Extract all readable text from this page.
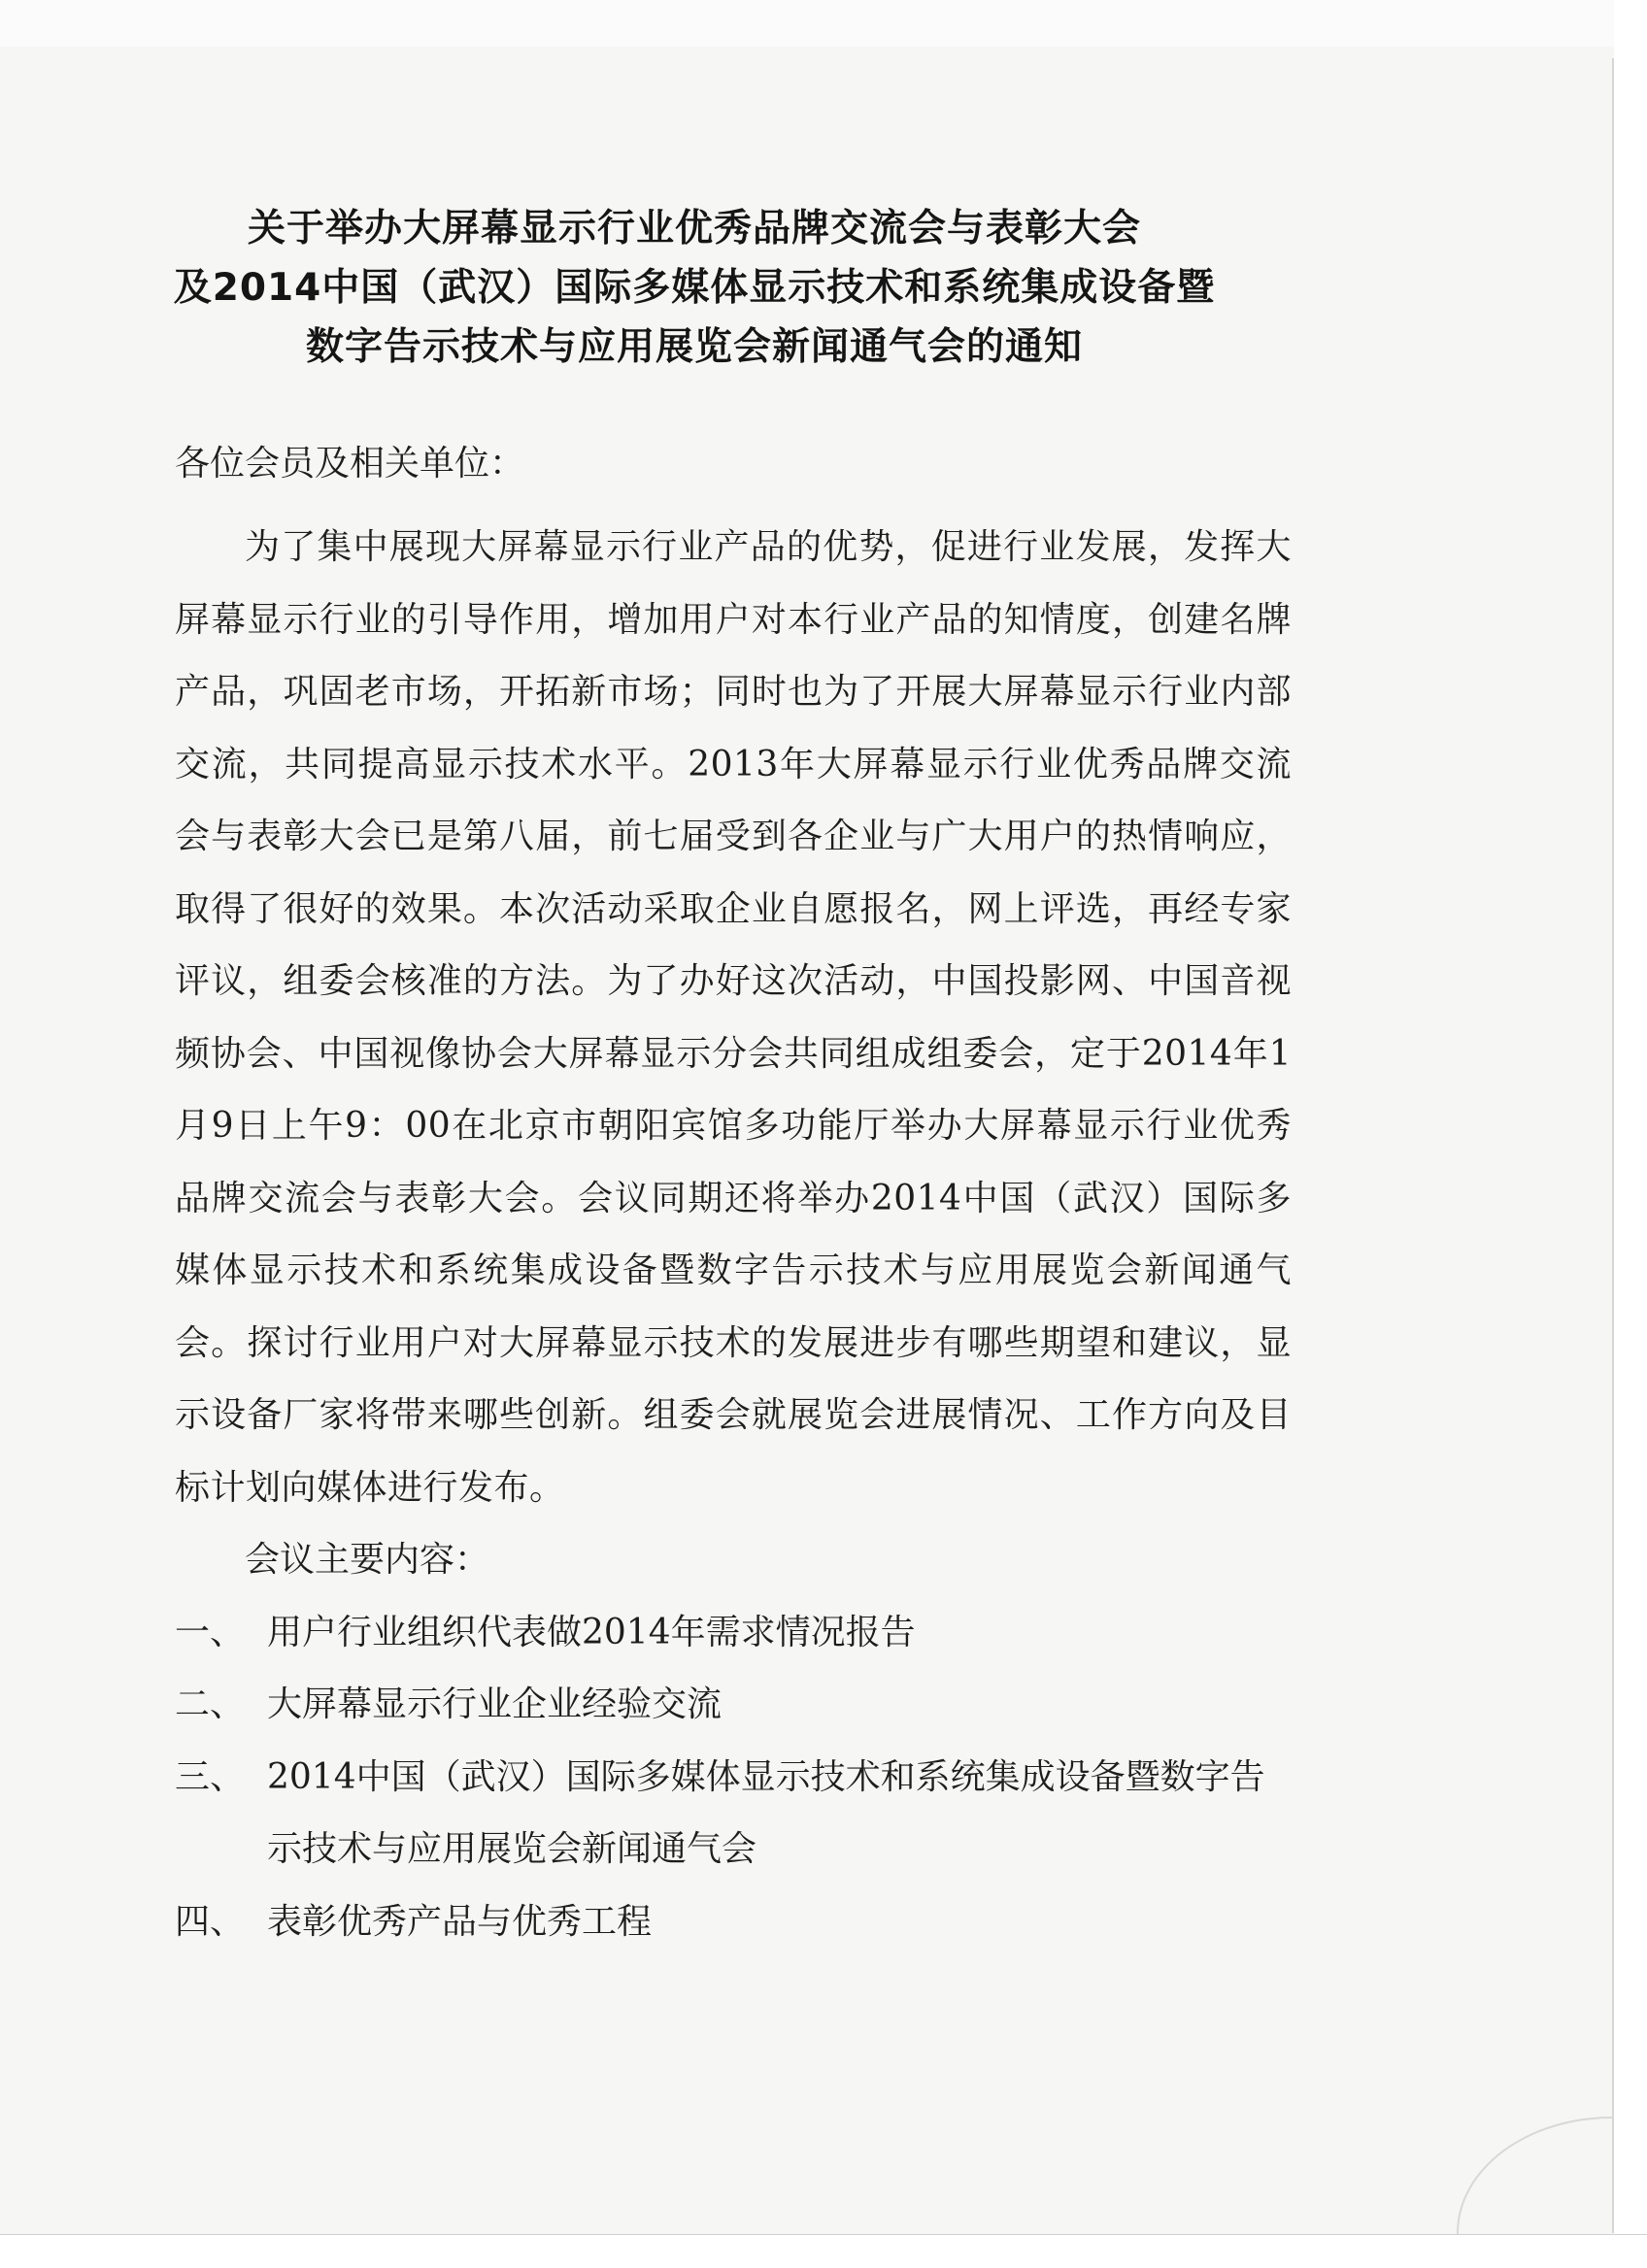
关于举办大屏幕显示行业优秀品牌交流会与表彰大会
及2014中国（武汉）国际多媒体显示技术和系统集成设备暨
数字告示技术与应用展览会新闻通气会的通知

各位会员及相关单位：

为了集中展现大屏幕显示行业产品的优势，促进行业发展，发挥大屏幕显示行业的引导作用，增加用户对本行业产品的知情度，创建名牌产品，巩固老市场，开拓新市场；同时也为了开展大屏幕显示行业内部交流，共同提高显示技术水平。2013年大屏幕显示行业优秀品牌交流会与表彰大会已是第八届，前七届受到各企业与广大用户的热情响应，取得了很好的效果。本次活动采取企业自愿报名，网上评选，再经专家评议，组委会核准的方法。为了办好这次活动，中国投影网、中国音视频协会、中国视像协会大屏幕显示分会共同组成组委会，定于2014年1月9日上午9：00在北京市朝阳宾馆多功能厅举办大屏幕显示行业优秀品牌交流会与表彰大会。会议同期还将举办2014中国（武汉）国际多媒体显示技术和系统集成设备暨数字告示技术与应用展览会新闻通气会。探讨行业用户对大屏幕显示技术的发展进步有哪些期望和建议，显示设备厂家将带来哪些创新。组委会就展览会进展情况、工作方向及目标计划向媒体进行发布。

会议主要内容：

一、 用户行业组织代表做2014年需求情况报告
二、 大屏幕显示行业企业经验交流
三、 2014中国（武汉）国际多媒体显示技术和系统集成设备暨数字告示技术与应用展览会新闻通气会
四、 表彰优秀产品与优秀工程
